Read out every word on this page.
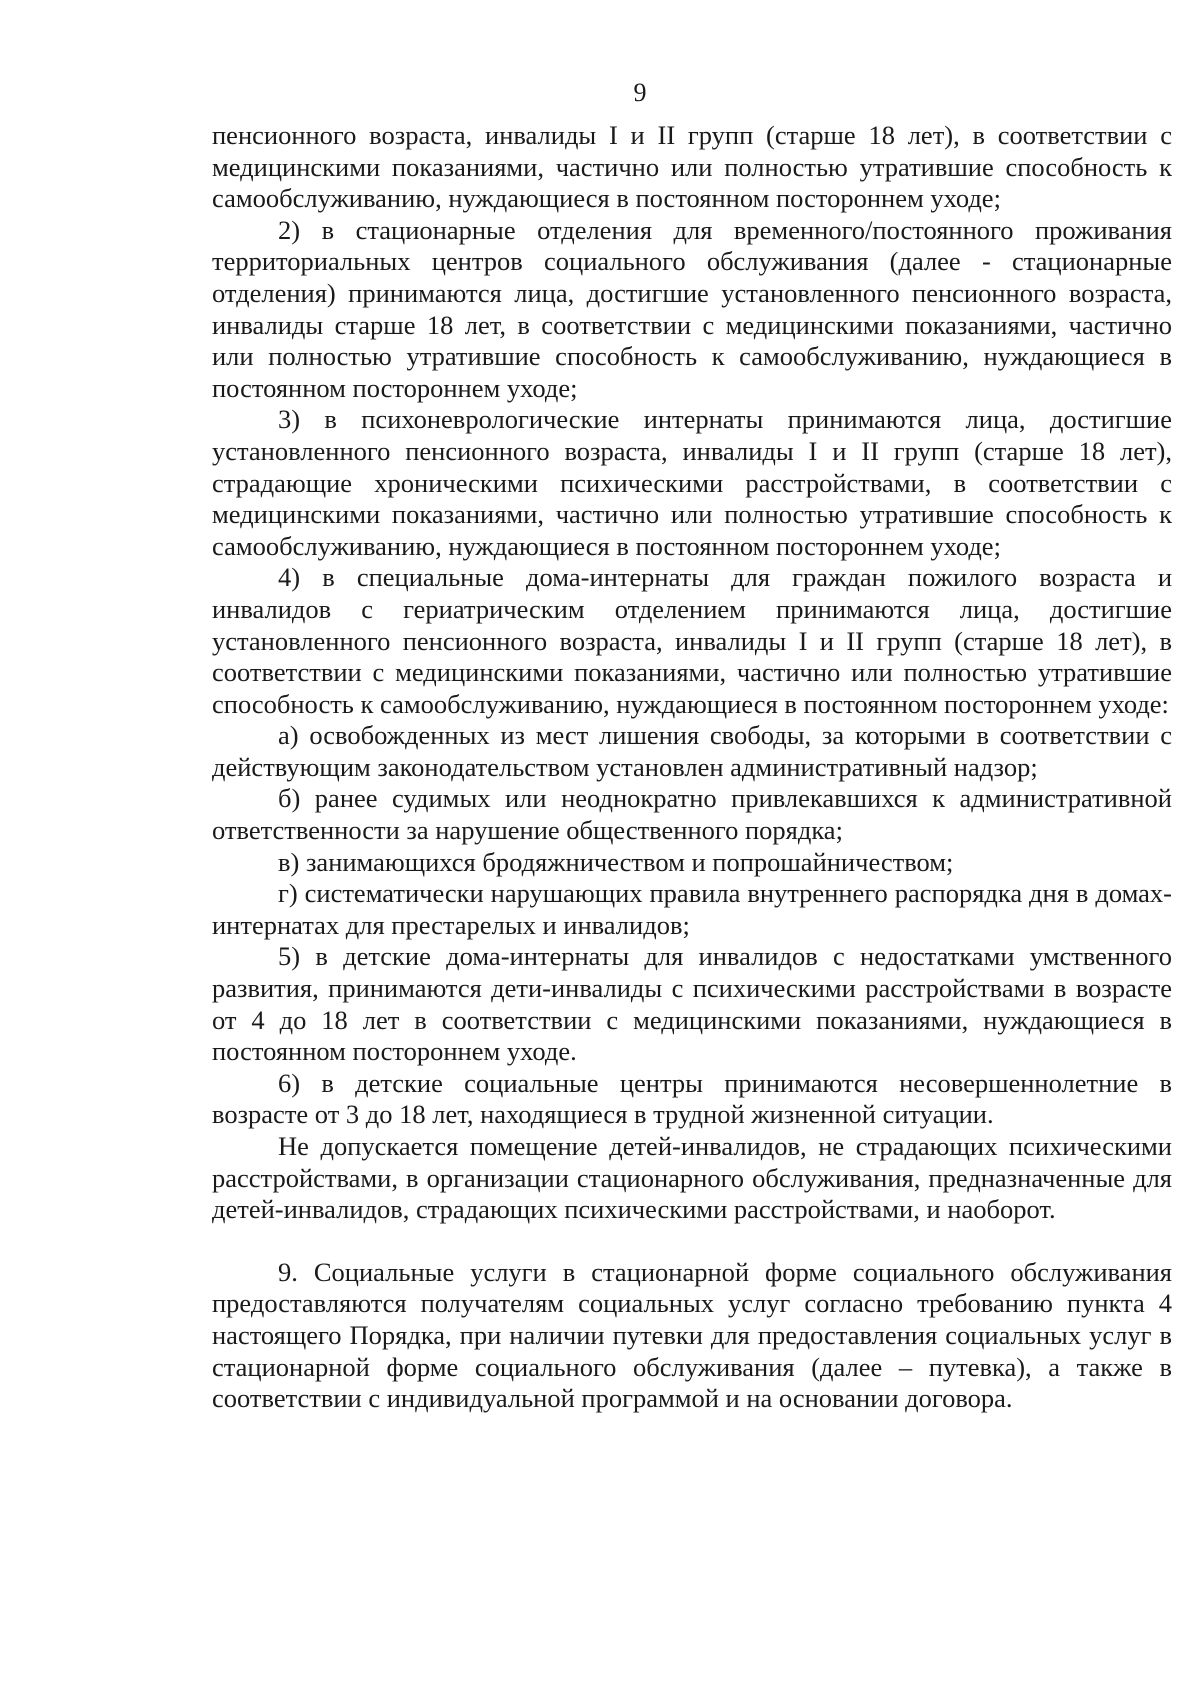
9

пенсионного возраста, инвалиды I и II групп (старше 18 лет), в соответствии с медицинскими показаниями, частично или полностью утратившие способность к самообслуживанию, нуждающиеся в постоянном постороннем уходе;

2) в стационарные отделения для временного/постоянного проживания территориальных центров социального обслуживания (далее - стационарные отделения) принимаются лица, достигшие установленного пенсионного возраста, инвалиды старше 18 лет, в соответствии с медицинскими показаниями, частично или полностью утратившие способность к самообслуживанию, нуждающиеся в постоянном постороннем уходе;

3) в психоневрологические интернаты принимаются лица, достигшие установленного пенсионного возраста, инвалиды I и II групп (старше 18 лет), страдающие хроническими психическими расстройствами, в соответствии с медицинскими показаниями, частично или полностью утратившие способность к самообслуживанию, нуждающиеся в постоянном постороннем уходе;

4) в специальные дома-интернаты для граждан пожилого возраста и инвалидов с гериатрическим отделением принимаются лица, достигшие установленного пенсионного возраста, инвалиды I и II групп (старше 18 лет), в соответствии с медицинскими показаниями, частично или полностью утратившие способность к самообслуживанию, нуждающиеся в постоянном постороннем уходе:

а) освобожденных из мест лишения свободы, за которыми в соответствии с действующим законодательством установлен административный надзор;

б) ранее судимых или неоднократно привлекавшихся к административной ответственности за нарушение общественного порядка;

в) занимающихся бродяжничеством и попрошайничеством;

г) систематически нарушающих правила внутреннего распорядка дня в домах-интернатах для престарелых и инвалидов;

5) в детские дома-интернаты для инвалидов с недостатками умственного развития, принимаются дети-инвалиды с психическими расстройствами в возрасте от 4 до 18 лет в соответствии с медицинскими показаниями, нуждающиеся в постоянном постороннем уходе.

6) в детские социальные центры принимаются несовершеннолетние в возрасте от 3 до 18 лет, находящиеся в трудной жизненной ситуации.

Не допускается помещение детей-инвалидов, не страдающих психическими расстройствами, в организации стационарного обслуживания, предназначенные для детей-инвалидов, страдающих психическими расстройствами, и наоборот.

9. Социальные услуги в стационарной форме социального обслуживания предоставляются получателям социальных услуг согласно требованию пункта 4 настоящего Порядка, при наличии путевки для предоставления социальных услуг в стационарной форме социального обслуживания (далее – путевка), а также в соответствии с индивидуальной программой и на основании договора.
